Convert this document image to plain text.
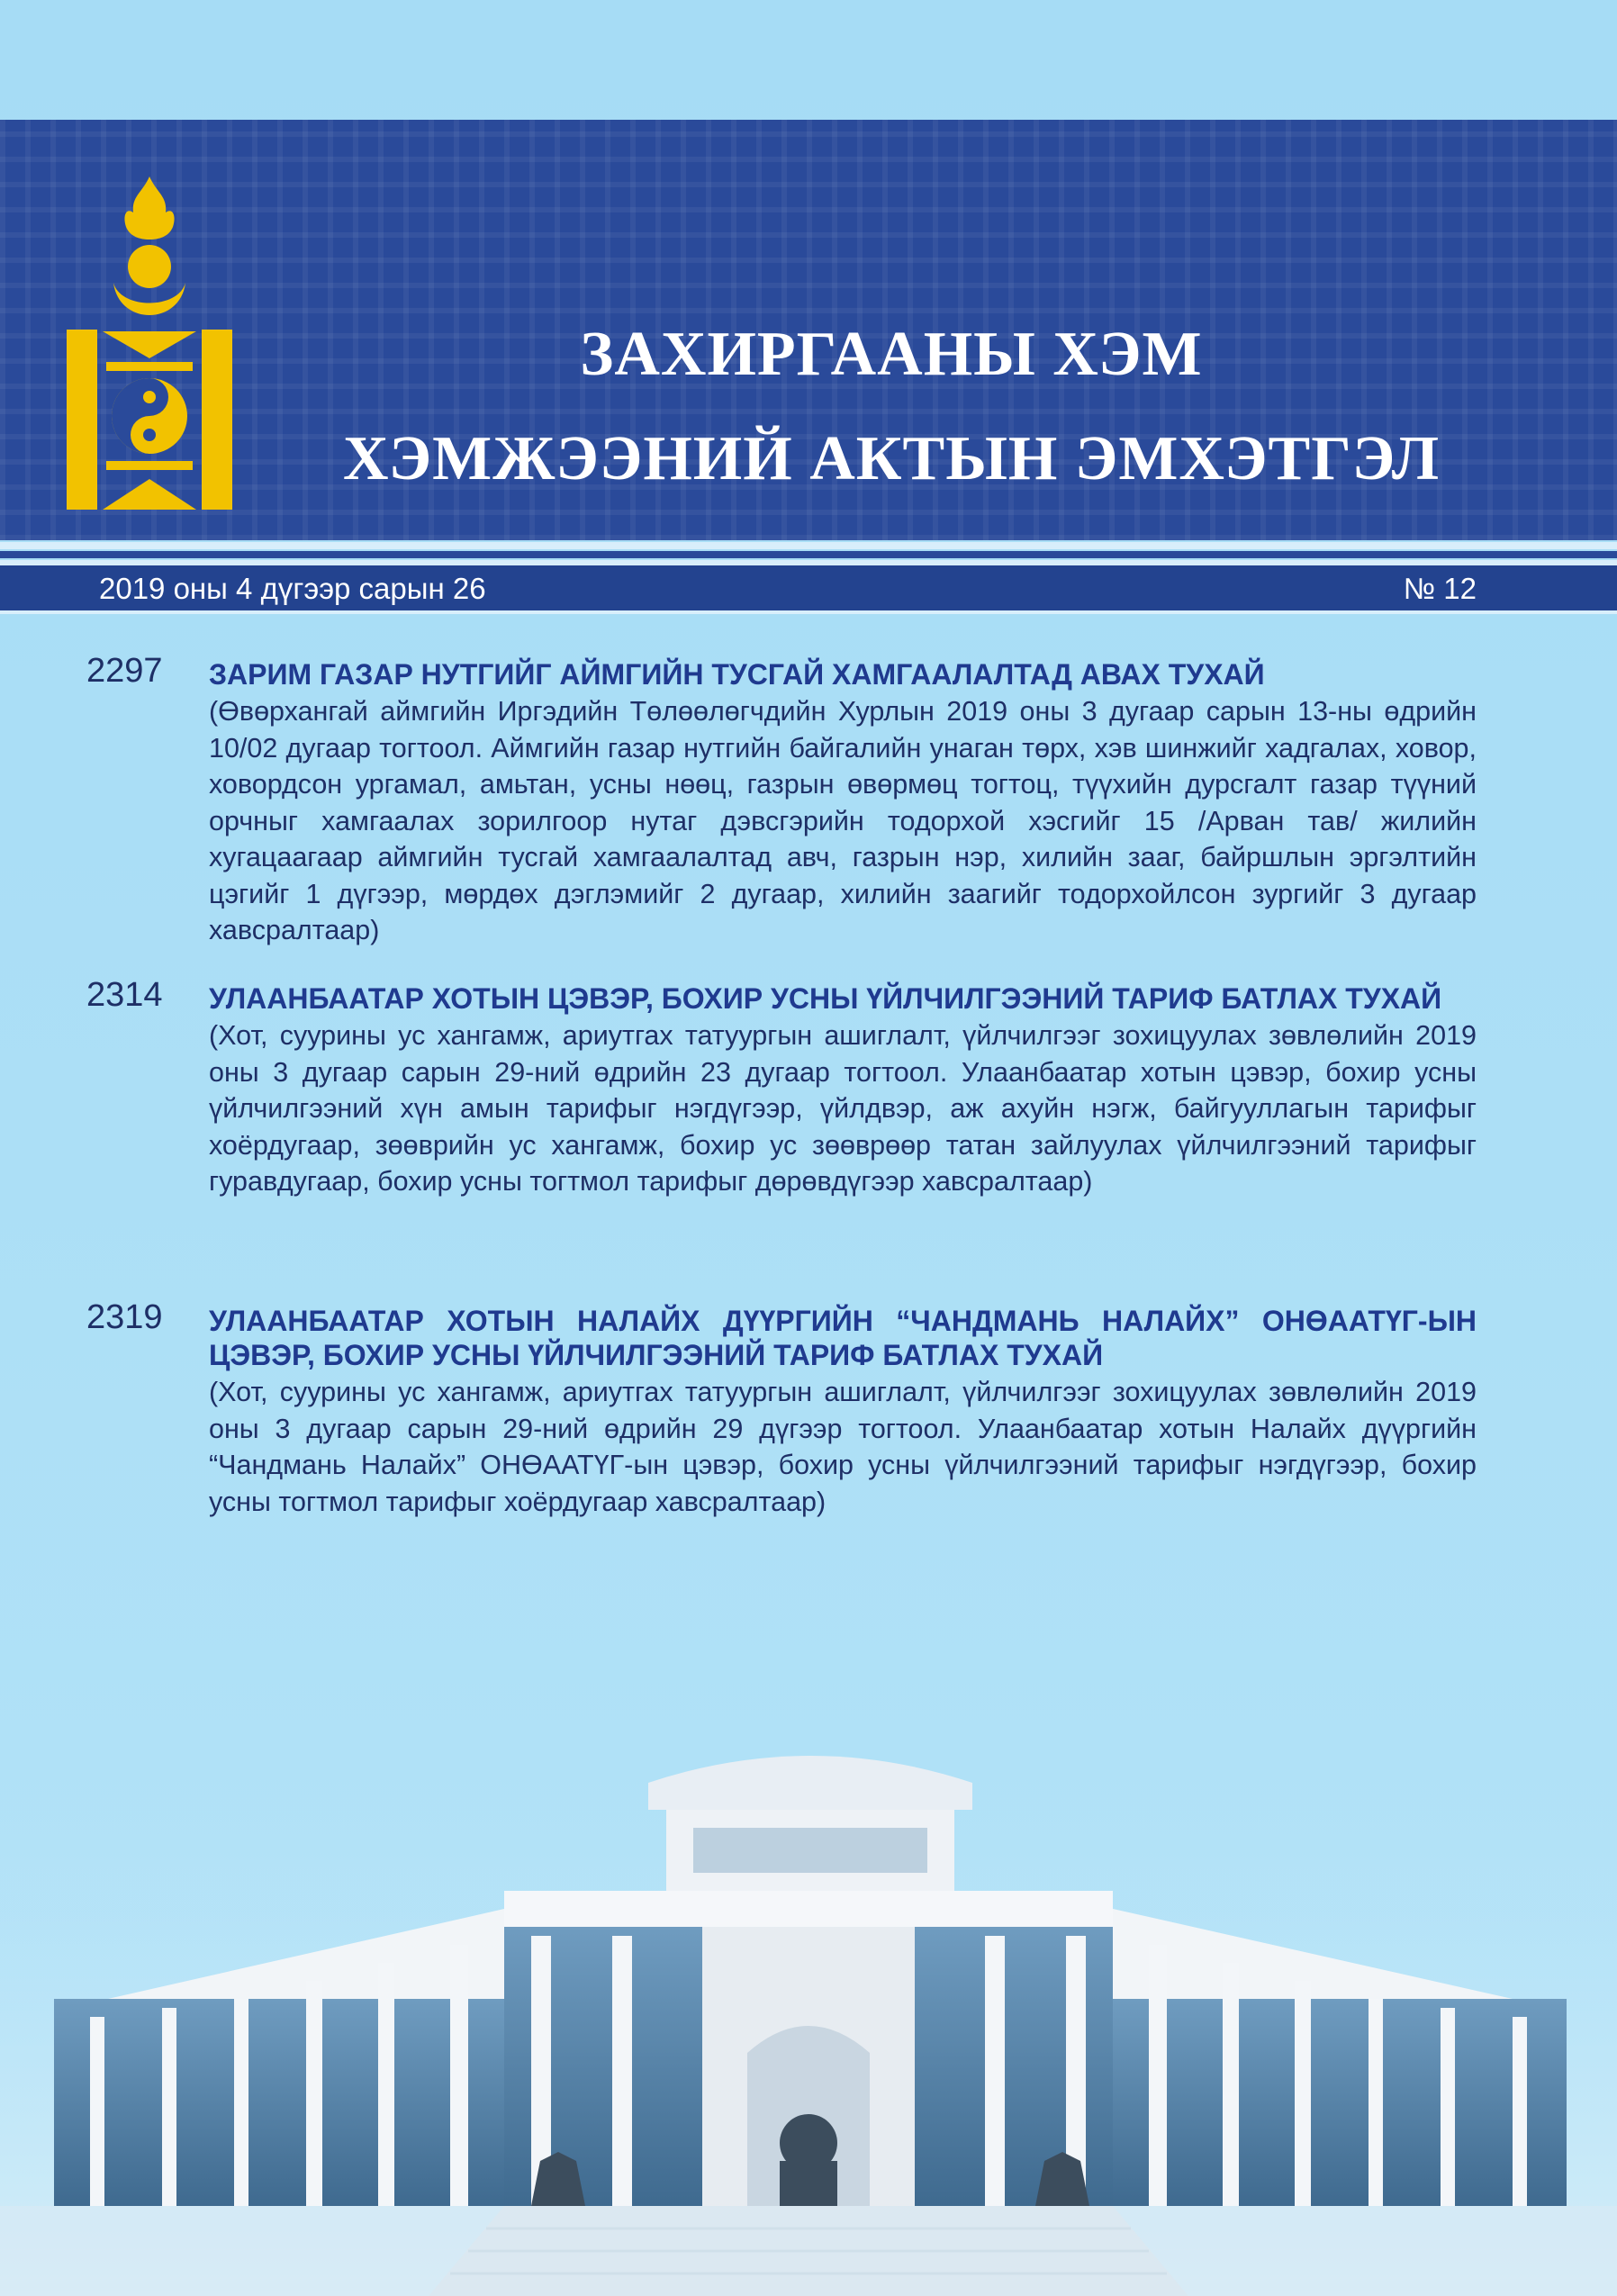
ЗАХИРГААНЫ ХЭМ
ХЭМЖЭЭНИЙ АКТЫН ЭМХЭТГЭЛ
2019 оны 4 дүгээр сарын 26	№ 12
2297 ЗАРИМ ГАЗАР НУТГИЙГ АЙМГИЙН ТУСГАЙ ХАМГААЛАЛТАД АВАХ ТУХАЙ

(Өвөрхангай аймгийн Иргэдийн Төлөөлөгчдийн Хурлын 2019 оны 3 дугаар сарын 13-ны өдрийн 10/02 дугаар тогтоол. Аймгийн газар нутгийн байгалийн унаган төрх, хэв шинжийг хадгалах, ховор, ховордсон ургамал, амьтан, усны нөөц, газрын өвөрмөц тогтоц, түүхийн дурсгалт газар түүний орчныг хамгаалах зорилгоор нутаг дэвсгэрийн тодорхой хэсгийг 15 /Арван тав/ жилийн хугацаагаар аймгийн тусгай хамгаалалтад авч, газрын нэр, хилийн зааг, байршлын эргэлтийн цэгийг 1 дүгээр, мөрдөх дэглэмийг 2 дугаар, хилийн заагийг тодорхойлсон зургийг 3 дугаар хавсралтаар)

2314 УЛААНБААТАР ХОТЫН ЦЭВЭР, БОХИР УСНЫ ҮЙЛЧИЛГЭЭНИЙ ТАРИФ БАТЛАХ ТУХАЙ

(Хот, суурины ус хангамж, ариутгах татуургын ашиглалт, үйлчилгээг зохицуулах зөвлөлийн 2019 оны 3 дугаар сарын 29-ний өдрийн 23 дугаар тогтоол. Улаанбаатар хотын цэвэр, бохир усны үйлчилгээний хүн амын тарифыг нэгдүгээр, үйлдвэр, аж ахуйн нэгж, байгууллагын тарифыг хоёрдугаар, зөөврийн ус хангамж, бохир ус зөөврөөр татан зайлуулах үйлчилгээний тарифыг гуравдугаар, бохир усны тогтмол тарифыг дөрөвдүгээр хавсралтаар)

2319 УЛААНБААТАР ХОТЫН НАЛАЙХ ДҮҮРГИЙН “ЧАНДМАНЬ НАЛАЙХ” ОНӨААТҮГ-ЫН ЦЭВЭР, БОХИР УСНЫ ҮЙЛЧИЛГЭЭНИЙ ТАРИФ БАТЛАХ ТУХАЙ

(Хот, суурины ус хангамж, ариутгах татуургын ашиглалт, үйлчилгээг зохицуулах зөвлөлийн 2019 оны 3 дугаар сарын 29-ний өдрийн 29 дүгээр тогтоол. Улаанбаатар хотын Налайх дүүргийн “Чандмань Налайх” ОНӨААТҮГ-ын цэвэр, бохир усны үйлчилгээний тарифыг нэгдүгээр, бохир усны тогтмол тарифыг хоёрдугаар хавсралтаар)
